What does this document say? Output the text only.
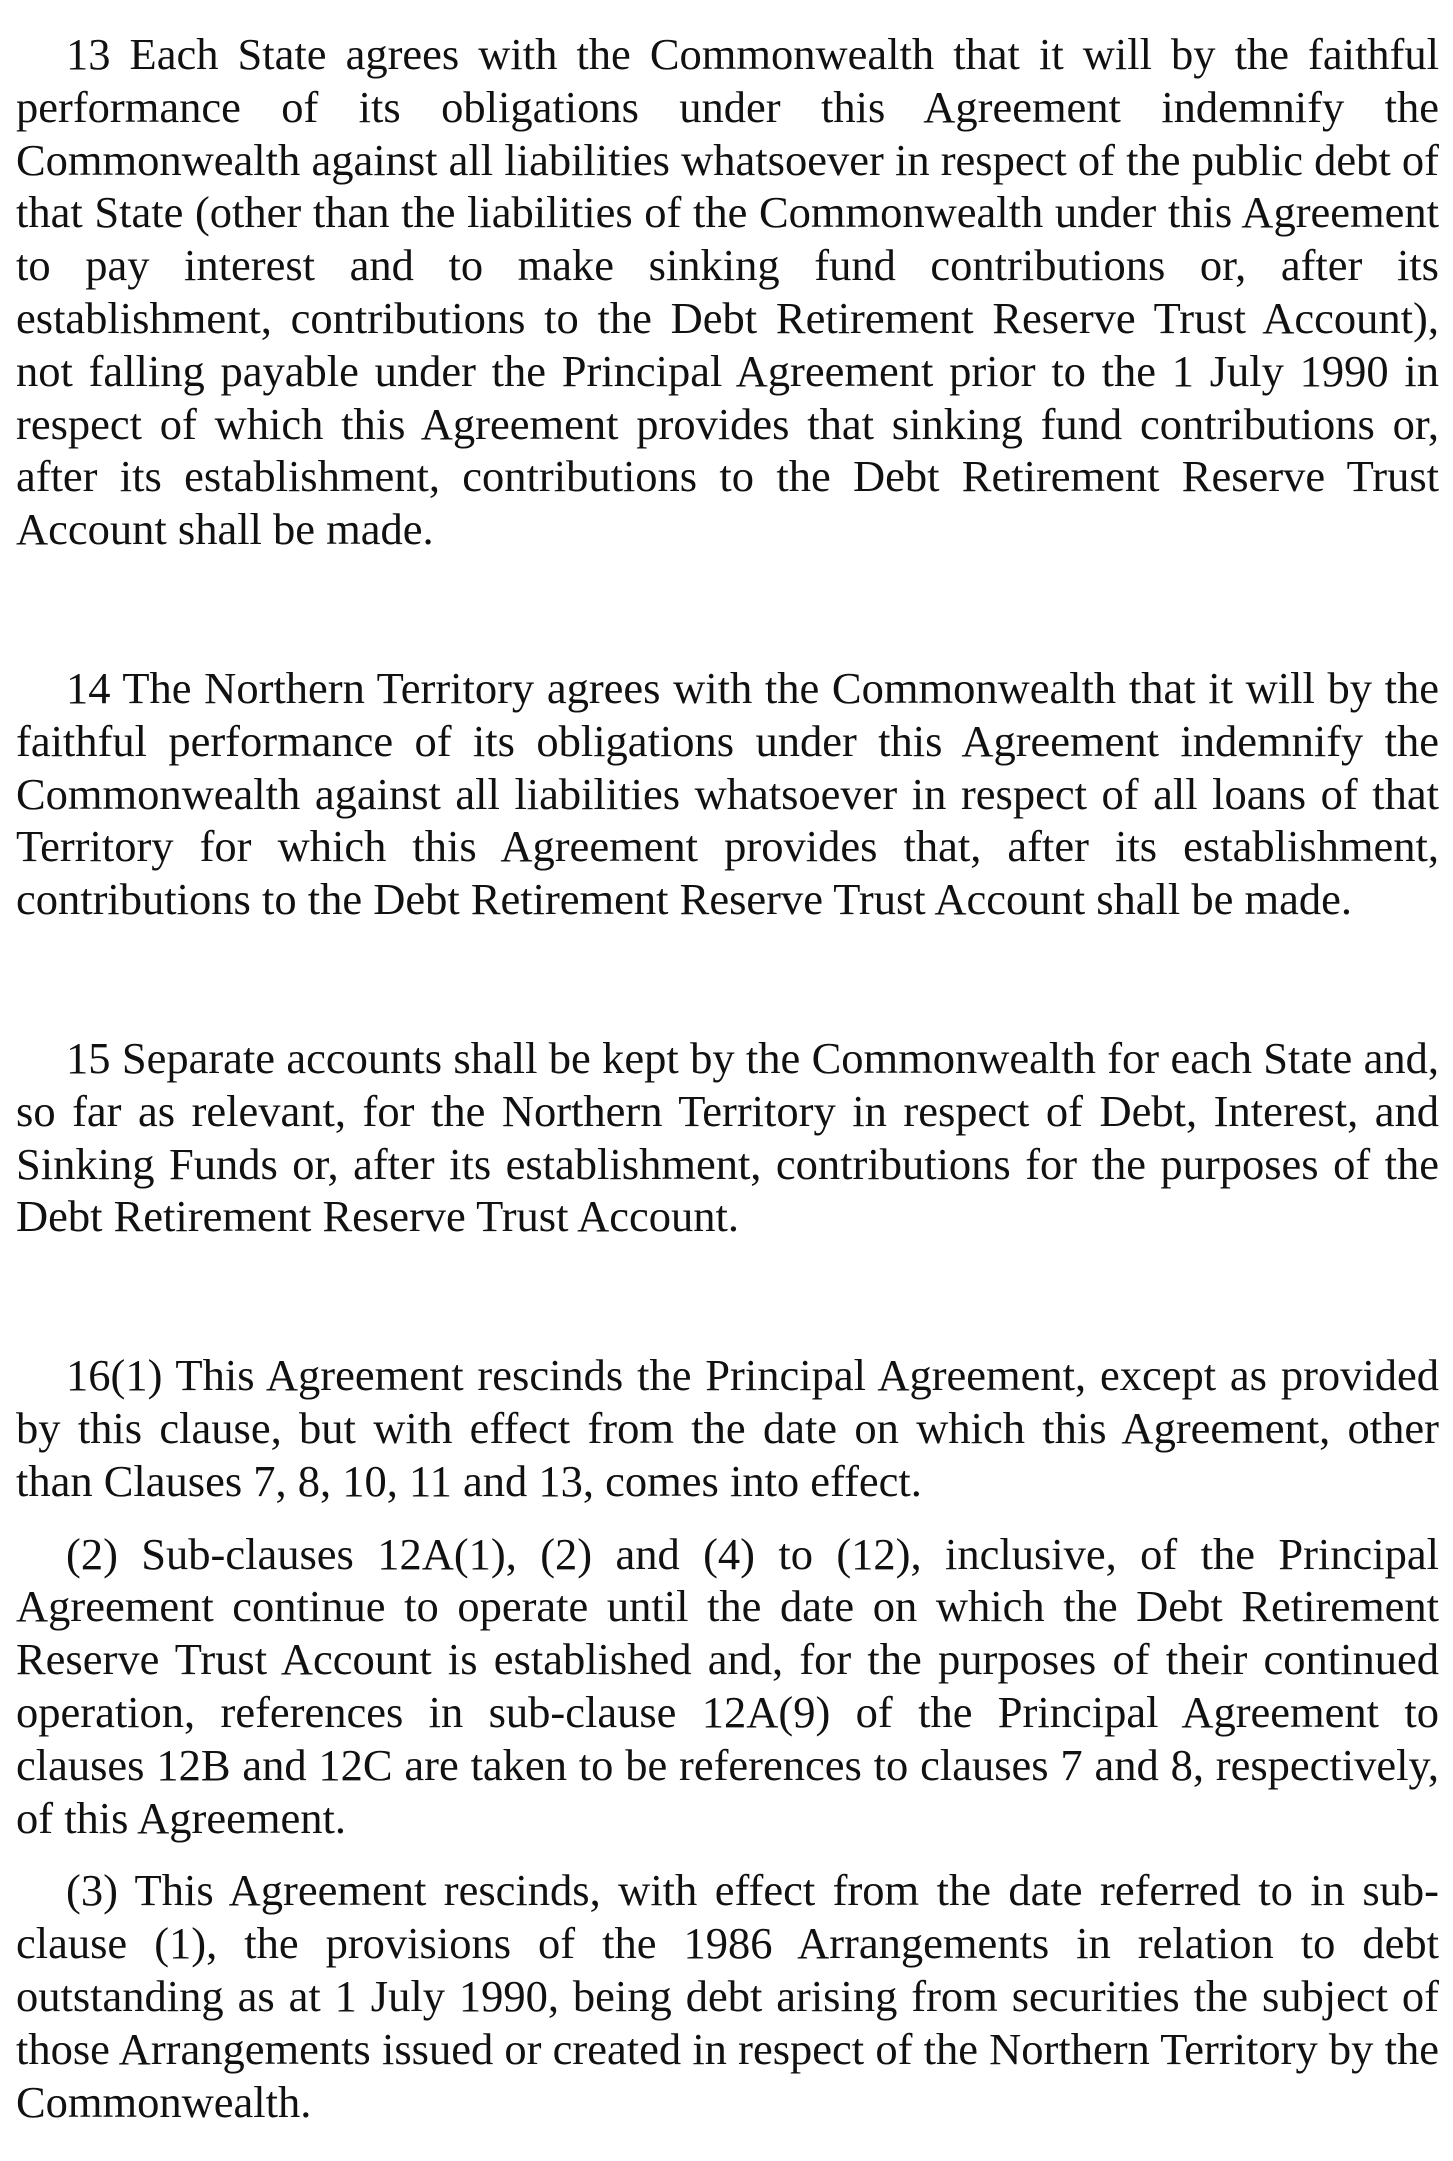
13 Each State agrees with the Commonwealth that it will by the faithful performance of its obligations under this Agreement indemnify the Commonwealth against all liabilities whatsoever in respect of the public debt of that State (other than the liabilities of the Commonwealth under this Agreement to pay interest and to make sinking fund contributions or, after its establishment, contributions to the Debt Retirement Reserve Trust Account), not falling payable under the Principal Agreement prior to the 1 July 1990 in respect of which this Agreement provides that sinking fund contributions or, after its establishment, contributions to the Debt Retirement Reserve Trust Account shall be made.

14 The Northern Territory agrees with the Commonwealth that it will by the faithful performance of its obligations under this Agreement indemnify the Commonwealth against all liabilities whatsoever in respect of all loans of that Territory for which this Agreement provides that, after its establishment, contributions to the Debt Retirement Reserve Trust Account shall be made.

15 Separate accounts shall be kept by the Commonwealth for each State and, so far as relevant, for the Northern Territory in respect of Debt, Interest, and Sinking Funds or, after its establishment, contributions for the purposes of the Debt Retirement Reserve Trust Account.

16(1) This Agreement rescinds the Principal Agreement, except as provided by this clause, but with effect from the date on which this Agreement, other than Clauses 7, 8, 10, 11 and 13, comes into effect.

(2) Sub-clauses 12A(1), (2) and (4) to (12), inclusive, of the Principal Agreement continue to operate until the date on which the Debt Retirement Reserve Trust Account is established and, for the purposes of their continued operation, references in sub-clause 12A(9) of the Principal Agreement to clauses 12B and 12C are taken to be references to clauses 7 and 8, respectively, of this Agreement.

(3) This Agreement rescinds, with effect from the date referred to in sub-clause (1), the provisions of the 1986 Arrangements in relation to debt outstanding as at 1 July 1990, being debt arising from securities the subject of those Arrangements issued or created in respect of the Northern Territory by the Commonwealth.
